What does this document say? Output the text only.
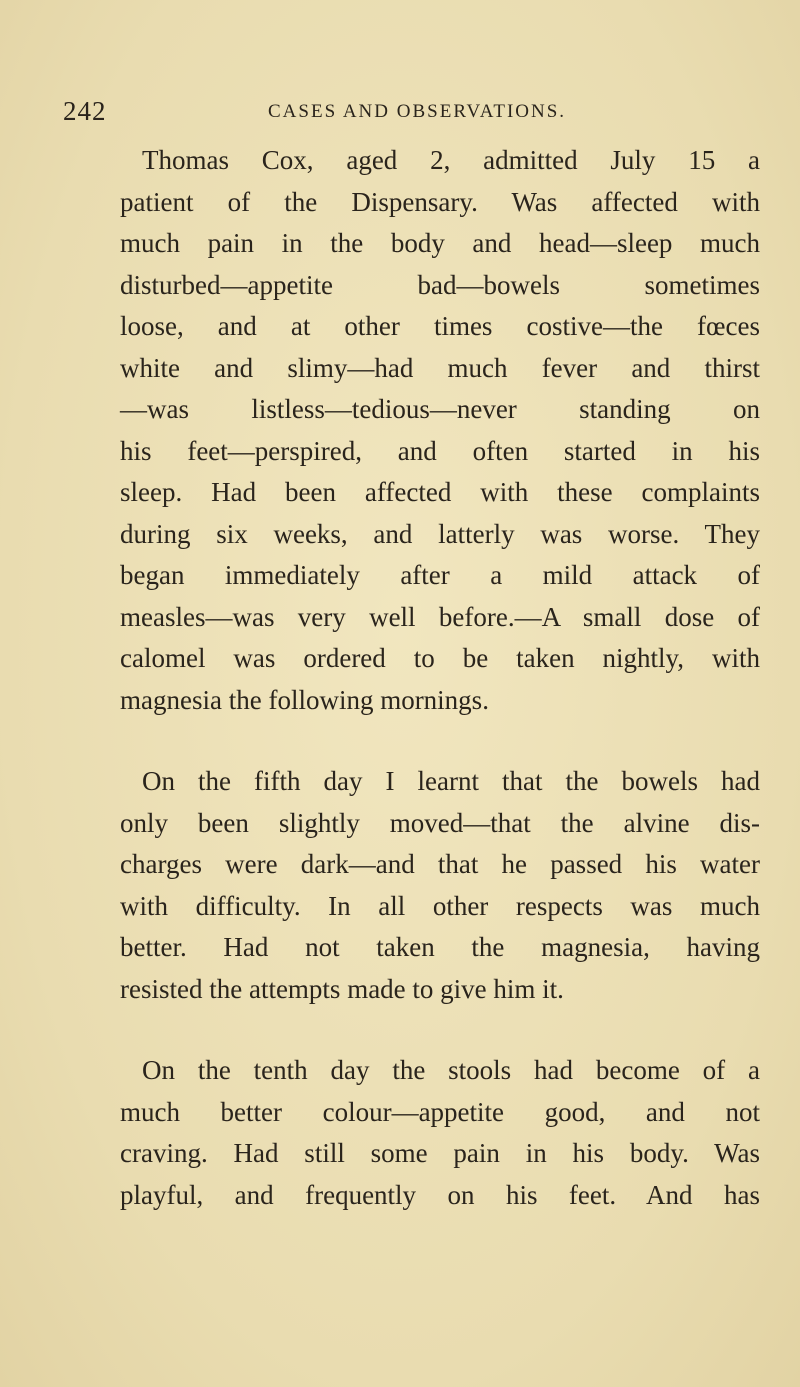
242	CASES AND OBSERVATIONS.
Thomas Cox, aged 2, admitted July 15 a
patient of the Dispensary. Was affected with
much pain in the body and head—sleep much
disturbed—appetite bad—bowels sometimes
loose, and at other times costive—the fœces
white and slimy—had much fever and thirst
—was listless—tedious—never standing on
his feet—perspired, and often started in his
sleep. Had been affected with these complaints
during six weeks, and latterly was worse. They
began immediately after a mild attack of
measles—was very well before.—A small dose of
calomel was ordered to be taken nightly, with
magnesia the following mornings.
On the fifth day I learnt that the bowels had
only been slightly moved—that the alvine dis-
charges were dark—and that he passed his water
with difficulty. In all other respects was much
better. Had not taken the magnesia, having
resisted the attempts made to give him it.
On the tenth day the stools had become of a
much better colour—appetite good, and not
craving. Had still some pain in his body. Was
playful, and frequently on his feet. And has
